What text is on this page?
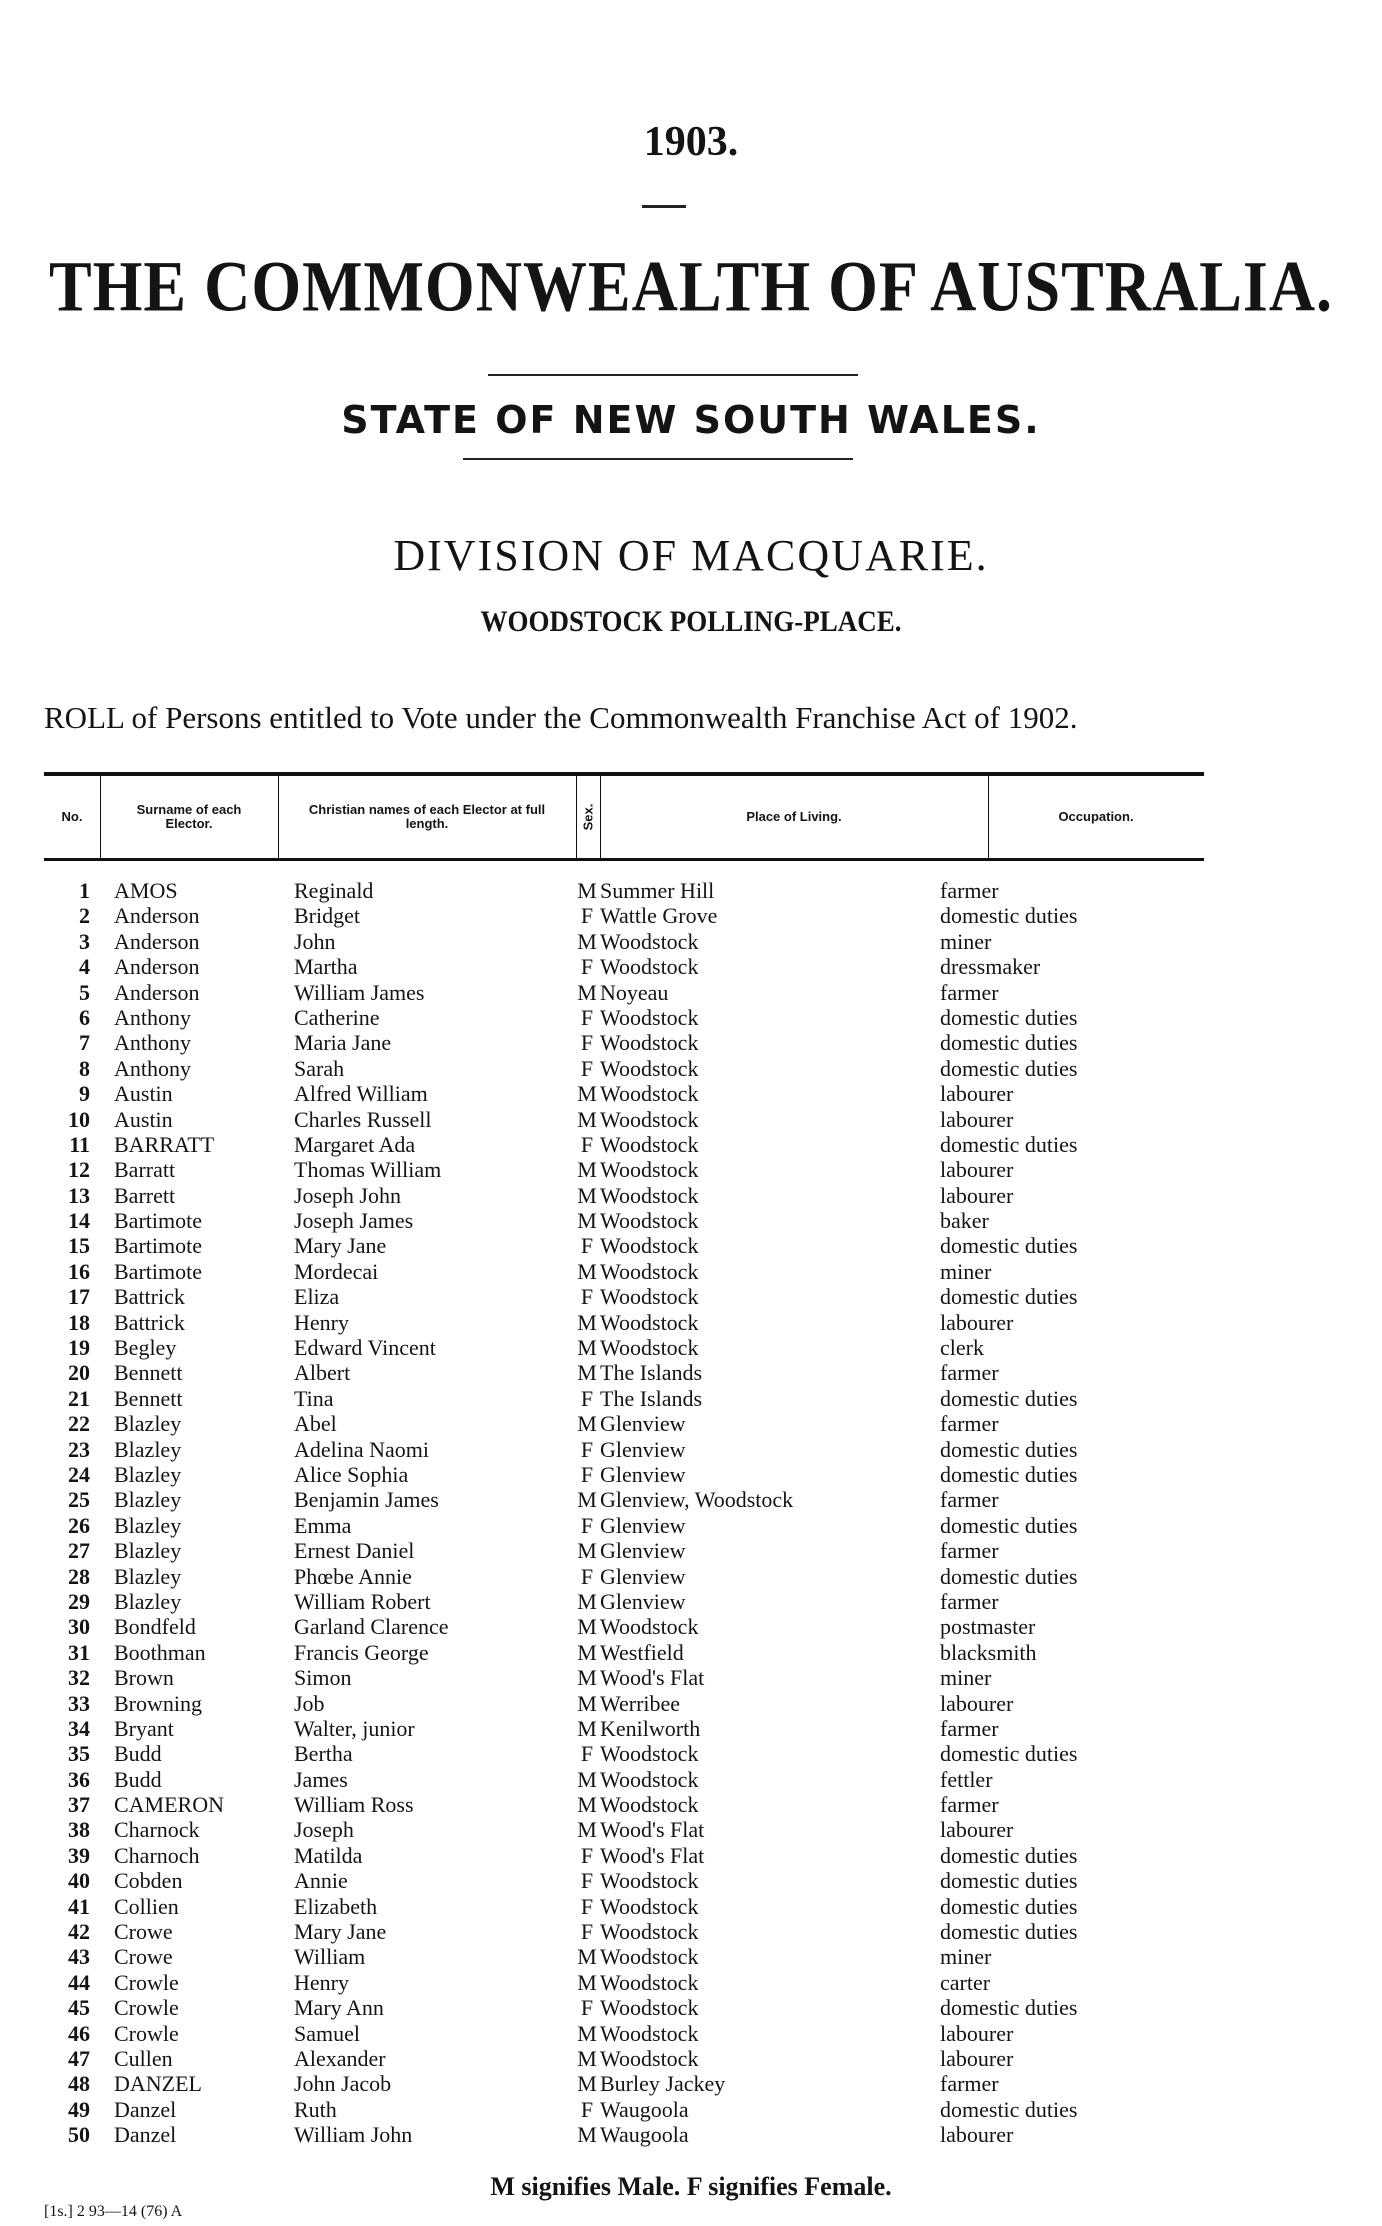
1903.
THE COMMONWEALTH OF AUSTRALIA.
STATE OF NEW SOUTH WALES.
DIVISION OF MACQUARIE.
WOODSTOCK POLLING-PLACE.
ROLL of Persons entitled to Vote under the Commonwealth Franchise Act of 1902.
No.	Surname of each Elector.
Christian names of each Elector at full length.	Sex.	Place of Living.	Occupation.
1 AMOS	Reginald	M Summer Hill	farmer
2 Anderson	Bridget	F Wattle Grove	domestic duties
3 Anderson	John	M Woodstock	miner
4 Anderson	Martha	F Woodstock	dressmaker
5 Anderson	William James	M Noyeau	farmer
6 Anthony	Catherine	F Woodstock	domestic duties
7 Anthony	Maria Jane	F Woodstock	domestic duties
8 Anthony	Sarah	F Woodstock	domestic duties
9 Austin	Alfred William	M Woodstock	labourer
10 Austin	Charles Russell	M Woodstock	labourer
11 BARRATT	Margaret Ada	F Woodstock	domestic duties
12 Barratt	Thomas William	M Woodstock	labourer
13 Barrett	Joseph John	M Woodstock	labourer
14 Bartimote	Joseph James	M Woodstock	baker
15 Bartimote	Mary Jane	F Woodstock	domestic duties
16 Bartimote	Mordecai	M Woodstock	miner
17 Battrick	Eliza	F Woodstock	domestic duties
18 Battrick	Henry	M Woodstock	labourer
19 Begley	Edward Vincent	M Woodstock	clerk
20 Bennett	Albert	M The Islands	farmer
21 Bennett	Tina	F The Islands	domestic duties
22 Blazley	Abel	M Glenview	farmer
23 Blazley	Adelina Naomi	F Glenview	domestic duties
24 Blazley	Alice Sophia	F Glenview	domestic duties
25 Blazley	Benjamin James	M Glenview, Woodstock	farmer
26 Blazley	Emma	F Glenview	domestic duties
27 Blazley	Ernest Daniel	M Glenview	farmer
28 Blazley	Phœbe Annie	F Glenview	domestic duties
29 Blazley	William Robert	M Glenview	farmer
30 Bondfeld	Garland Clarence	M Woodstock	postmaster
31 Boothman	Francis George	M Westfield	blacksmith
32 Brown	Simon	M Wood's Flat	miner
33 Browning	Job	M Werribee	labourer
34 Bryant	Walter, junior	M Kenilworth	farmer
35 Budd	Bertha	F Woodstock	domestic duties
36 Budd	James	M Woodstock	fettler
37 CAMERON	William Ross	M Woodstock	farmer
38 Charnock	Joseph	M Wood's Flat	labourer
39 Charnoch	Matilda	F Wood's Flat	domestic duties
40 Cobden	Annie	F Woodstock	domestic duties
41 Collien	Elizabeth	F Woodstock	domestic duties
42 Crowe	Mary Jane	F Woodstock	domestic duties
43 Crowe	William	M Woodstock	miner
44 Crowle	Henry	M Woodstock	carter
45 Crowle	Mary Ann	F Woodstock	domestic duties
46 Crowle	Samuel	M Woodstock	labourer
47 Cullen	Alexander	M Woodstock	labourer
48 DANZEL	John Jacob	M Burley Jackey	farmer
49 Danzel	Ruth	F Waugoola	domestic duties
50 Danzel	William John	M Waugoola	labourer
M signifies Male. F signifies Female.
[1s.] 2 93—14 (76) A
